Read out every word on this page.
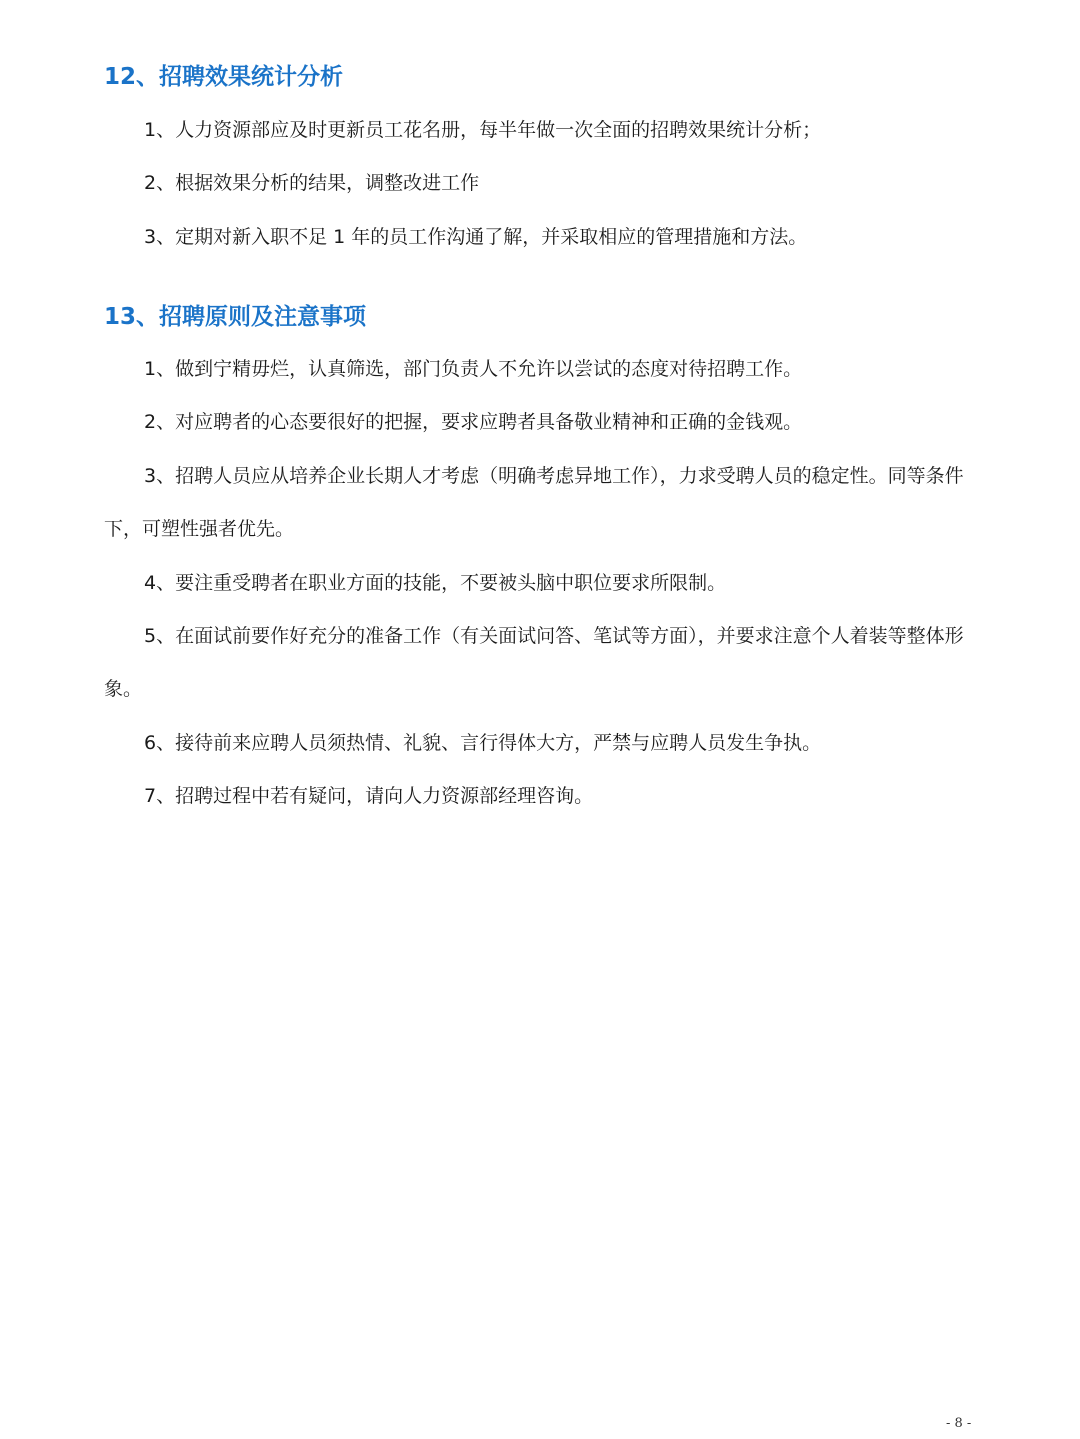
12、招聘效果统计分析

1、人力资源部应及时更新员工花名册，每半年做一次全面的招聘效果统计分析；

2、根据效果分析的结果，调整改进工作

3、定期对新入职不足 1 年的员工作沟通了解，并采取相应的管理措施和方法。

13、招聘原则及注意事项

1、做到宁精毋烂，认真筛选，部门负责人不允许以尝试的态度对待招聘工作。

2、对应聘者的心态要很好的把握，要求应聘者具备敬业精神和正确的金钱观。

3、招聘人员应从培养企业长期人才考虑（明确考虑异地工作），力求受聘人员的稳定性。同等条件下，可塑性强者优先。

4、要注重受聘者在职业方面的技能，不要被头脑中职位要求所限制。

5、在面试前要作好充分的准备工作（有关面试问答、笔试等方面），并要求注意个人着装等整体形象。

6、接待前来应聘人员须热情、礼貌、言行得体大方，严禁与应聘人员发生争执。

7、招聘过程中若有疑问，请向人力资源部经理咨询。

- 8 -
